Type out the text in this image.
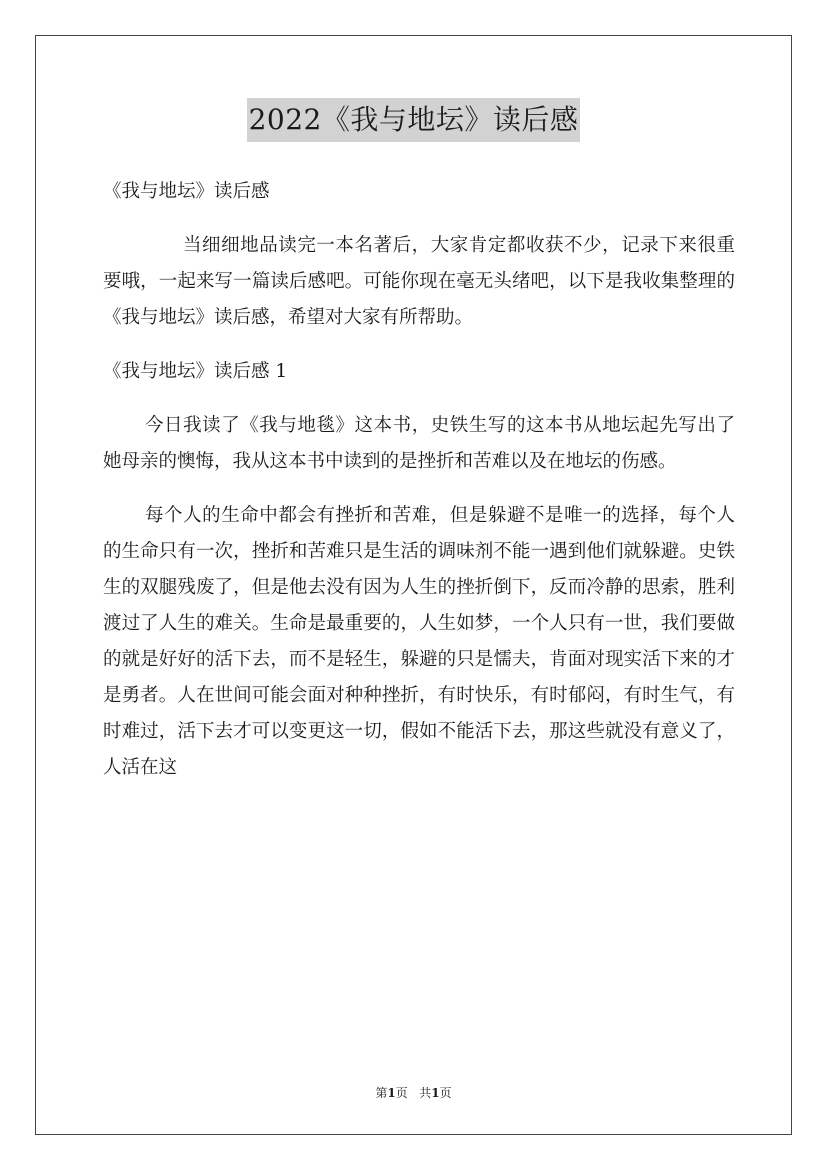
2022《我与地坛》读后感

《我与地坛》读后感

当细细地品读完一本名著后，大家肯定都收获不少，记录下来很重要哦，一起来写一篇读后感吧。可能你现在毫无头绪吧，以下是我收集整理的《我与地坛》读后感，希望对大家有所帮助。

《我与地坛》读后感 1

今日我读了《我与地毯》这本书，史铁生写的这本书从地坛起先写出了她母亲的懊悔，我从这本书中读到的是挫折和苦难以及在地坛的伤感。

每个人的生命中都会有挫折和苦难，但是躲避不是唯一的选择，每个人的生命只有一次，挫折和苦难只是生活的调味剂不能一遇到他们就躲避。史铁生的双腿残废了，但是他去没有因为人生的挫折倒下，反而冷静的思索，胜利渡过了人生的难关。生命是最重要的，人生如梦，一个人只有一世，我们要做的就是好好的活下去，而不是轻生，躲避的只是懦夫，肯面对现实活下来的才是勇者。人在世间可能会面对种种挫折，有时快乐，有时郁闷，有时生气，有时难过，活下去才可以变更这一切，假如不能活下去，那这些就没有意义了，人活在这

第1页 共1页
